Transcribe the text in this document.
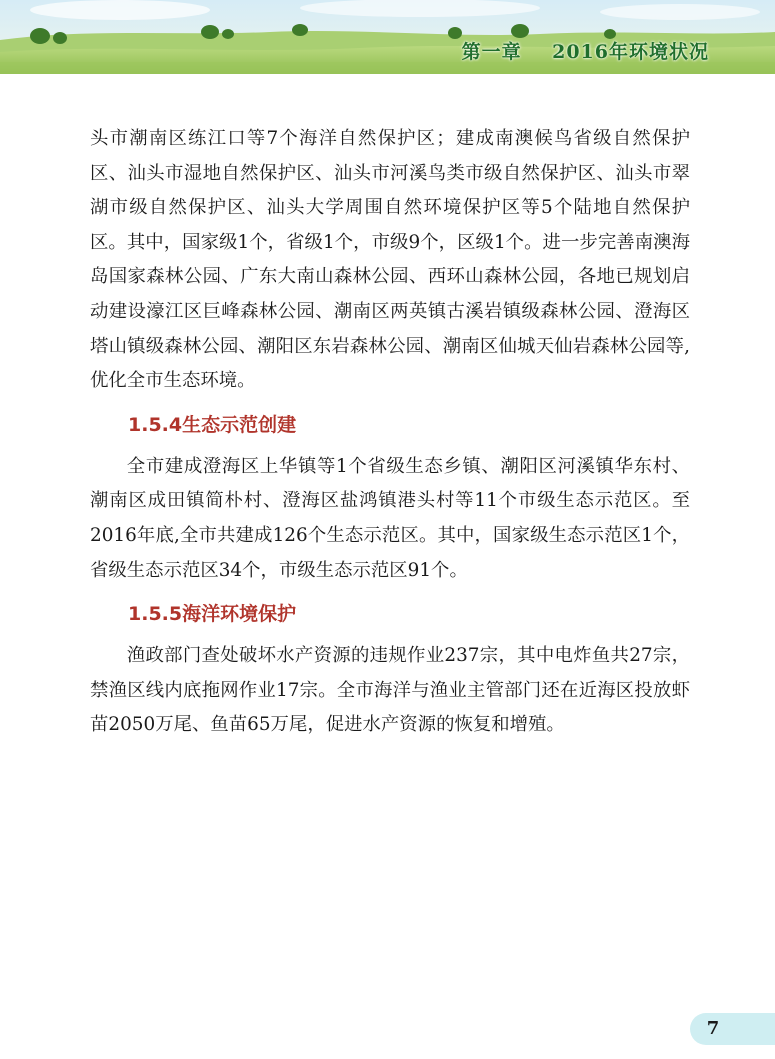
第一章 2016年环境状况

头市潮南区练江口等7个海洋自然保护区；建成南澳候鸟省级自然保护区、汕头市湿地自然保护区、汕头市河溪鸟类市级自然保护区、汕头市翠湖市级自然保护区、汕头大学周围自然环境保护区等5个陆地自然保护区。其中，国家级1个，省级1个，市级9个，区级1个。进一步完善南澳海岛国家森林公园、广东大南山森林公园、西环山森林公园，各地已规划启动建设濠江区巨峰森林公园、潮南区两英镇古溪岩镇级森林公园、澄海区塔山镇级森林公园、潮阳区东岩森林公园、潮南区仙城天仙岩森林公园等,优化全市生态环境。

1.5.4生态示范创建

全市建成澄海区上华镇等1个省级生态乡镇、潮阳区河溪镇华东村、潮南区成田镇简朴村、澄海区盐鸿镇港头村等11个市级生态示范区。至2016年底,全市共建成126个生态示范区。其中，国家级生态示范区1个，省级生态示范区34个，市级生态示范区91个。

1.5.5海洋环境保护

渔政部门查处破坏水产资源的违规作业237宗，其中电炸鱼共27宗，禁渔区线内底拖网作业17宗。全市海洋与渔业主管部门还在近海区投放虾苗2050万尾、鱼苗65万尾，促进水产资源的恢复和增殖。

7
